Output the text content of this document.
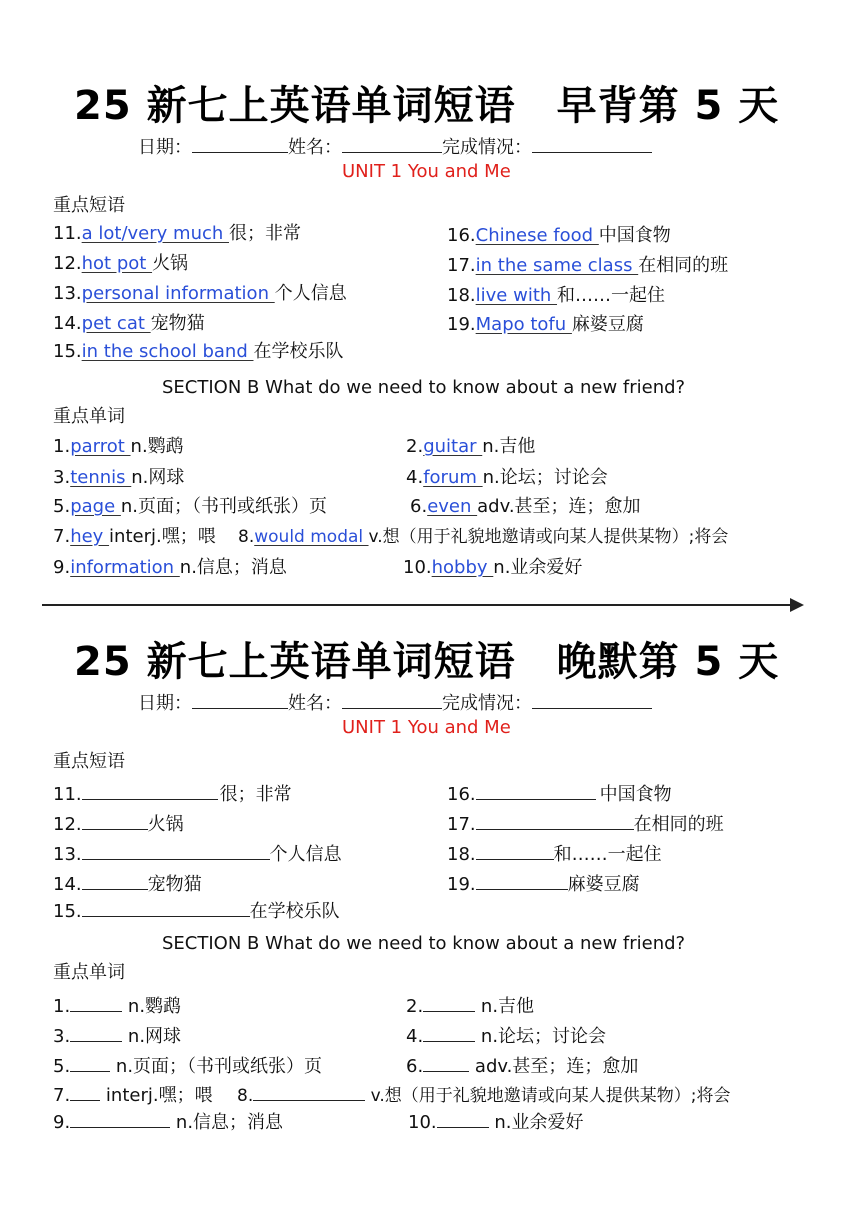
25 新七上英语单词短语　早背第 5 天
日期：	姓名：	完成情况：
UNIT 1 You and Me
重点短语
11.a lot/very much 很；非常
12.hot pot 火锅
13.personal information 个人信息
14.pet cat 宠物猫
15.in the school band 在学校乐队
16.Chinese food 中国食物
17.in the same class 在相同的班
18.live with 和……一起住
19.Mapo tofu 麻婆豆腐
SECTION B What do we need to know about a new friend?
重点单词
1.parrot n.鹦鹉	2.guitar n.吉他
3.tennis n.网球	4.forum n.论坛；讨论会
5.page n.页面；（书刊或纸张）页	6.even adv.甚至；连；愈加
7.hey interj.嘿；喂 8.would modal v.想（用于礼貌地邀请或向某人提供某物）;将会
9.information n.信息；消息	10.hobby n.业余爱好
25 新七上英语单词短语　晚默第 5 天
日期：	姓名：	完成情况：
UNIT 1 You and Me
重点短语
11.	很；非常
12.	火锅
13.	个人信息
14.	宠物猫
15.	在学校乐队
16.	中国食物
17.	在相同的班
18.	和……一起住
19.	麻婆豆腐
SECTION B What do we need to know about a new friend?
重点单词
1.	n.鹦鹉	2.	n.吉他
3.	n.网球	4.	n.论坛；讨论会
5.	n.页面；（书刊或纸张）页	6.	adv.甚至；连；愈加
7. interj.嘿；喂 8.	v.想（用于礼貌地邀请或向某人提供某物）;将会
9.	n.信息；消息	10.	n.业余爱好
